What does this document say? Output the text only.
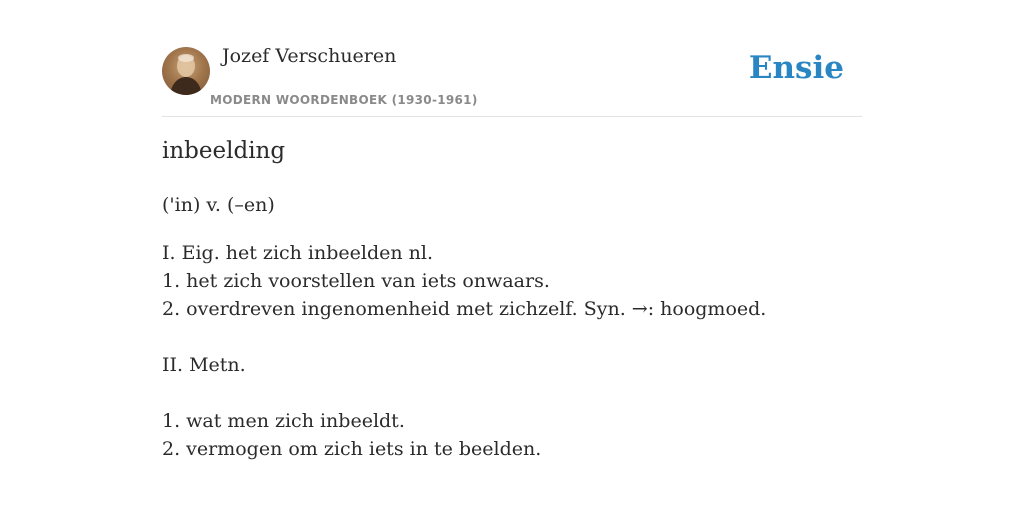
Jozef Verschueren
MODERN WOORDENBOEK (1930-1961)
Ensie
inbeelding

('in) v. (–en)

I. Eig. het zich inbeelden nl.
1. het zich voorstellen van iets onwaars.
2. overdreven ingenomenheid met zichzelf. Syn. →: hoogmoed.
II. Metn.
1. wat men zich inbeeldt.
2. vermogen om zich iets in te beelden.
